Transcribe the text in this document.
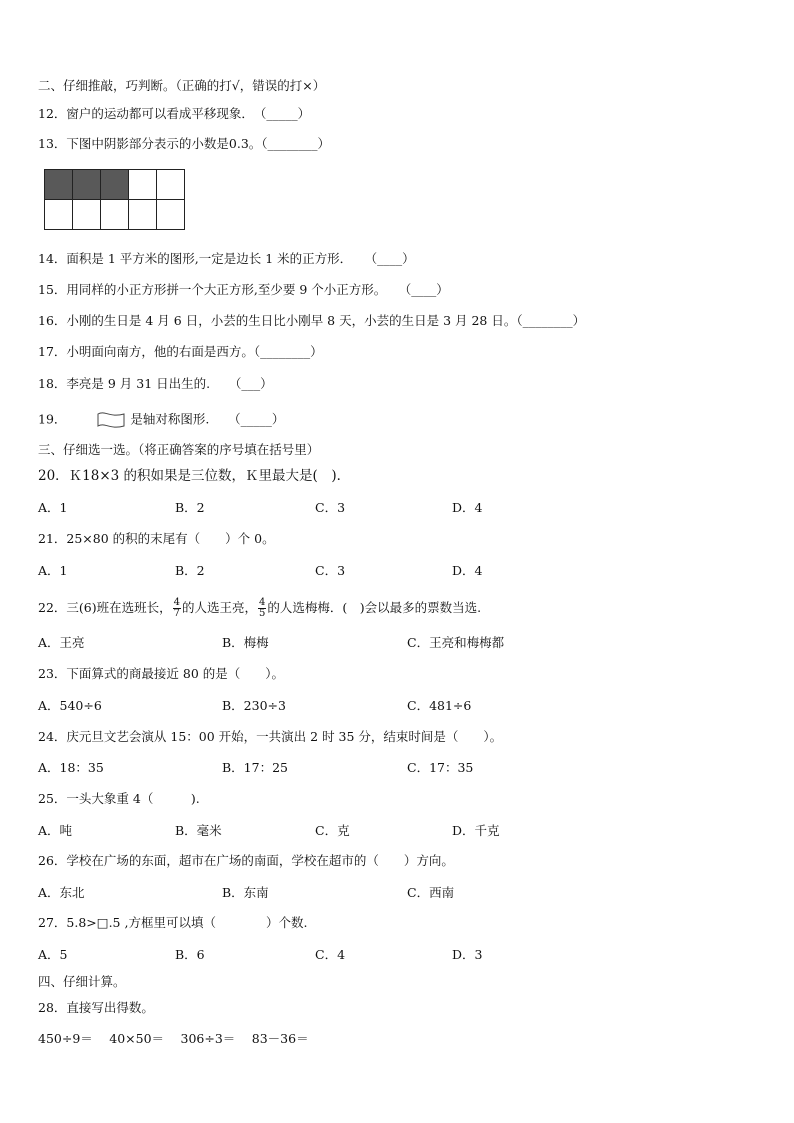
二、仔细推敲，巧判断。（正确的打√，错误的打×）
12．窗户的运动都可以看成平移现象．　（_____）
13．下图中阴影部分表示的小数是0.3。（________）

14．面积是 1 平方米的图形,一定是边长 1 米的正方形．　　（____）
15．用同样的小正方形拼一个大正方形,至少要 9 个小正方形。　　（____）
16．小刚的生日是 4 月 6 日，小芸的生日比小刚早 8 天，小芸的生日是 3 月 28 日。（________）
17．小明面向南方，他的右面是西方。（________）
18．李亮是 9 月 31 日出生的.　　（___）
19．	是轴对称图形.　　（_____）
三、仔细选一选。（将正确答案的序号填在括号里）
20．Ｋ18×3 的积如果是三位数，Ｋ里最大是(　)．
A．1	B．2	C．3	D．4
21．25×80 的积的末尾有（　　）个 0。
A．1	B．2	C．3	D．4
22．三(6)班在选班长， $\frac{4}{7}$ 的人选王亮， $\frac{4}{5}$ 的人选梅梅．(　)会以最多的票数当选.
A．王亮	B．梅梅	C．王亮和梅梅都
23．下面算式的商最接近 80 的是（　　）。
A．540÷6	B．230÷3	C．481÷6
24．庆元旦文艺会演从 15：00 开始，一共演出 2 时 35 分，结束时间是（　　）。
A．18：35	B．17：25	C．17：35
25．一头大象重 4（　　　).
A．吨	B．毫米	C．克	D．千克
26．学校在广场的东面，超市在广场的南面，学校在超市的（　　）方向。
A．东北	B．东南	C．西南
27．5.8>□.5 ,方框里可以填（　　　　）个数.
A．5	B．6	C．4	D．3
四、仔细计算。
28．直接写出得数。
450÷9＝　 40×50＝　 306÷3＝　 83－36＝
